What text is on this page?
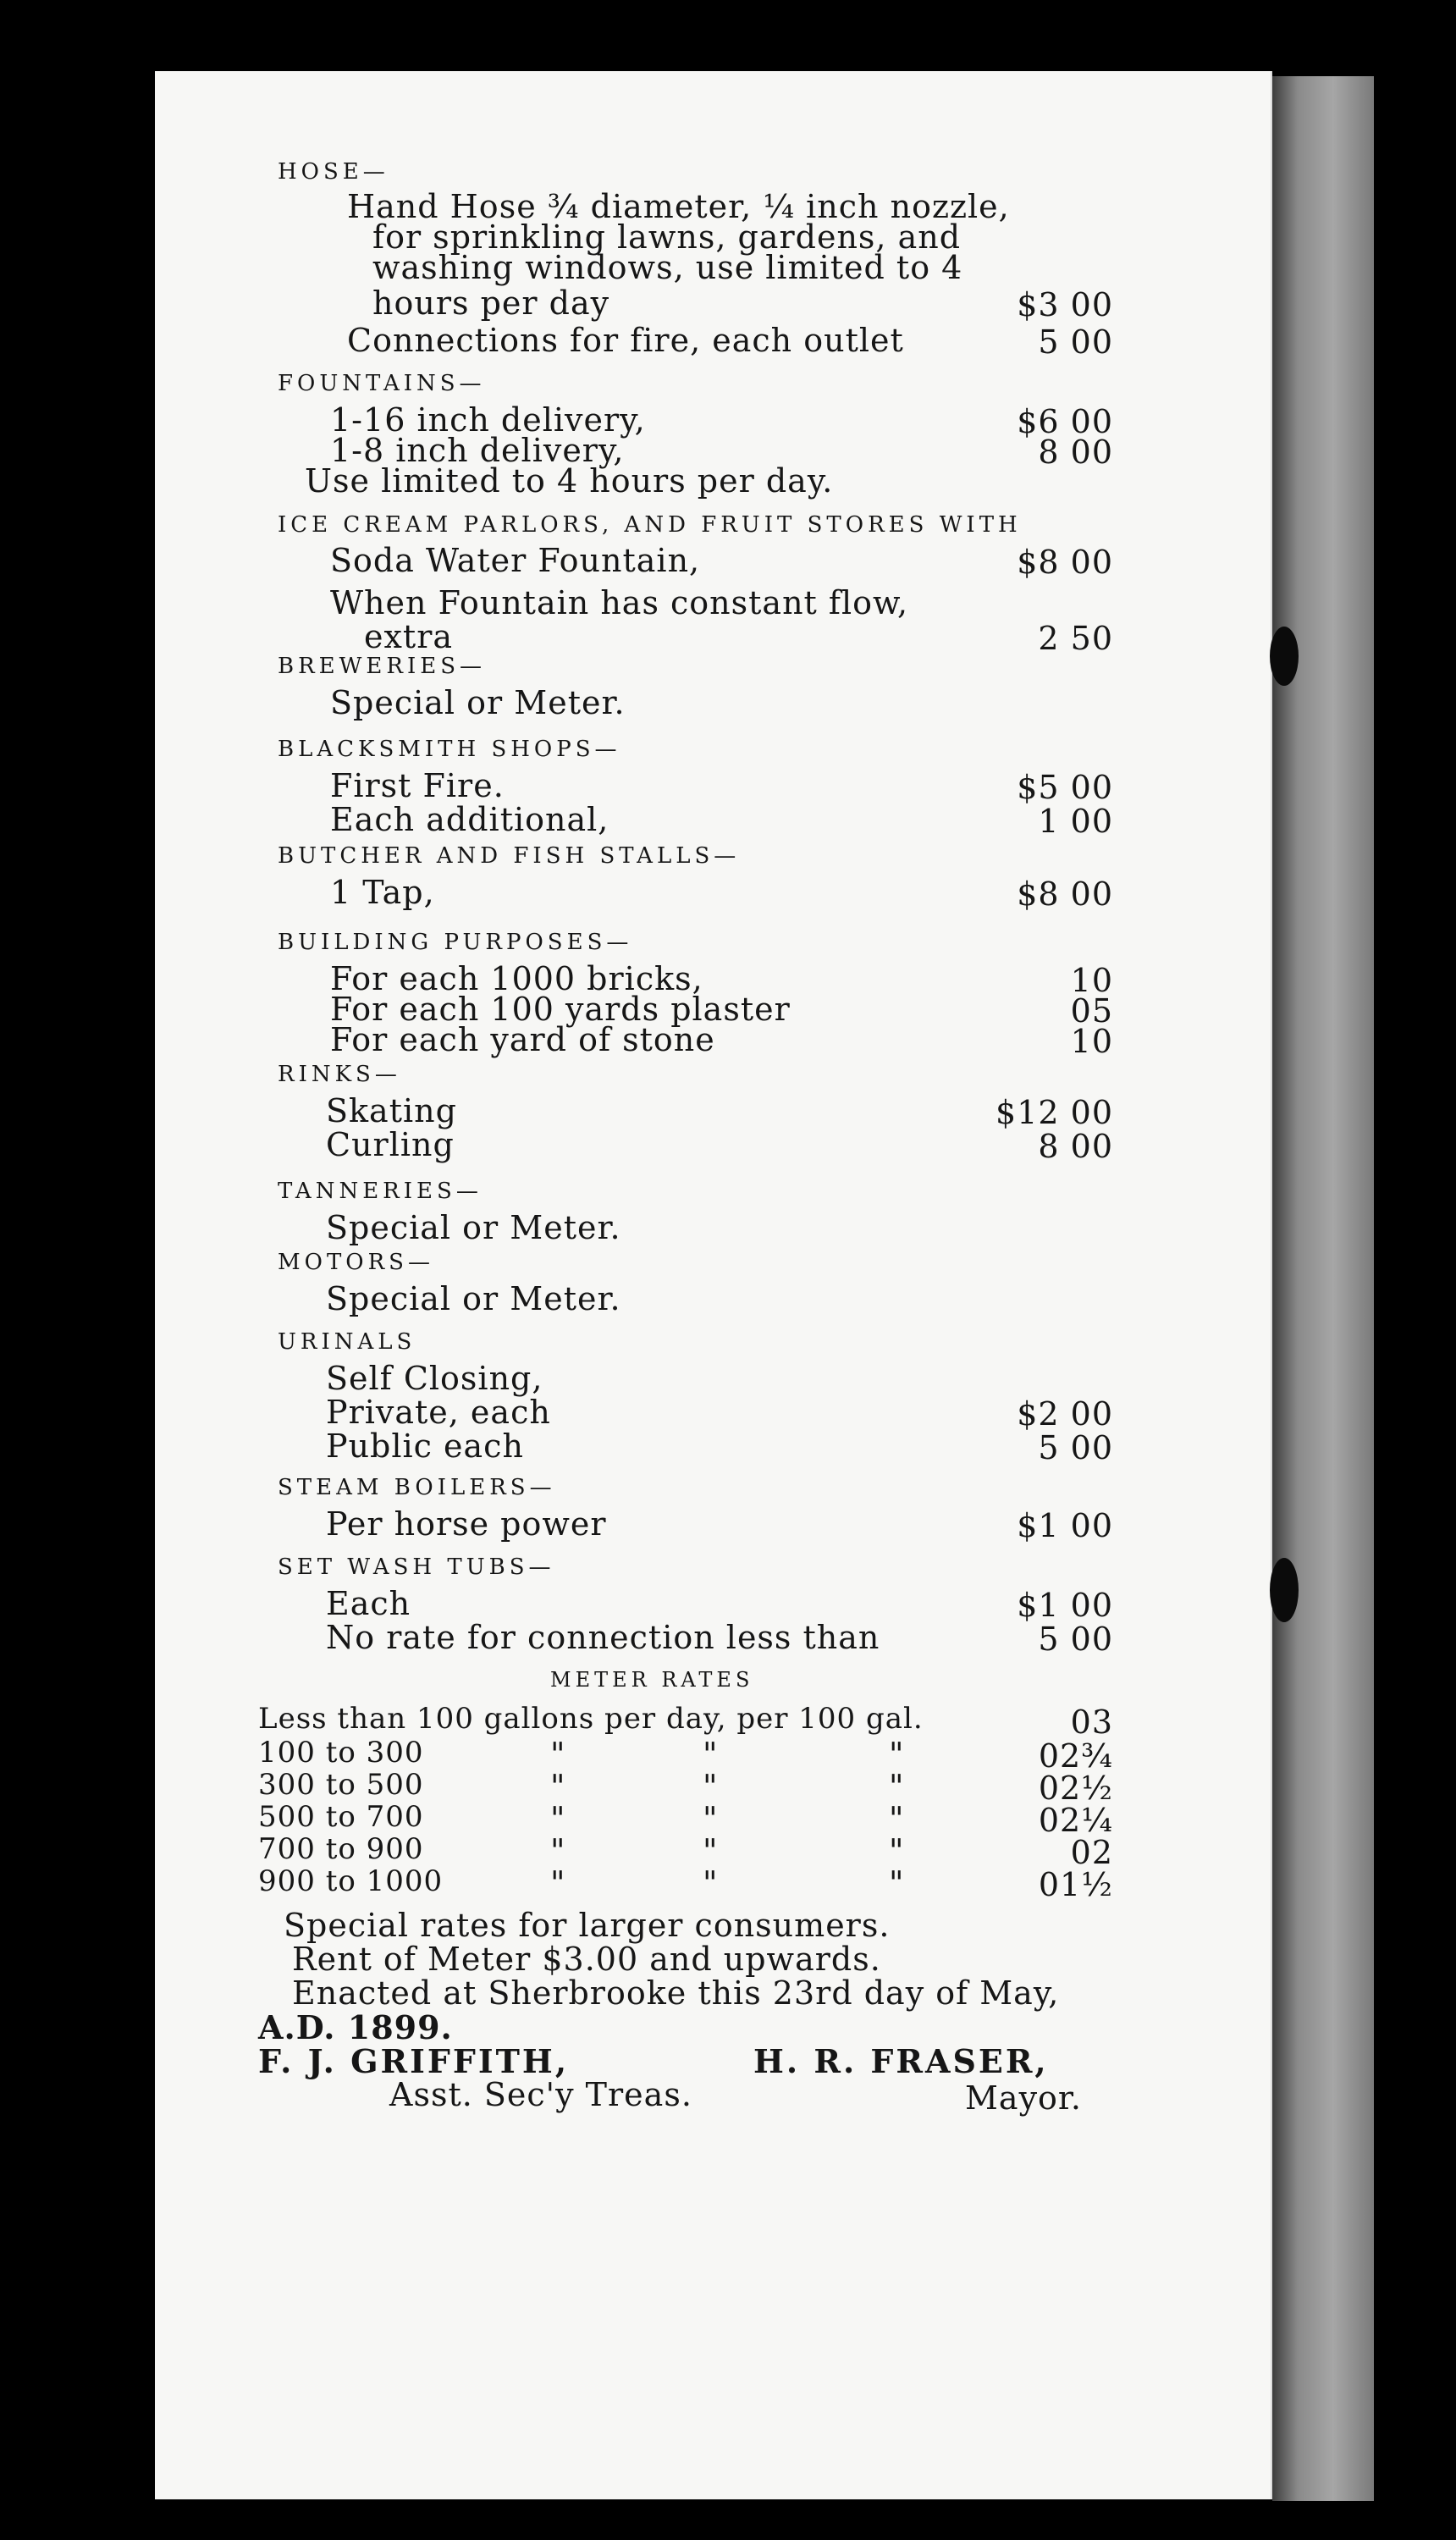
HOSE—
Hand Hose ¾ diameter, ¼ inch nozzle,
for sprinkling lawns, gardens, and
washing windows, use limited to 4
hours per day	$3 00
Connections for fire, each outlet	5 00
FOUNTAINS—
1-16 inch delivery,	$6 00
1-8 inch delivery,	8 00
Use limited to 4 hours per day.
ICE CREAM PARLORS, AND FRUIT STORES WITH
Soda Water Fountain,	$8 00
When Fountain has constant flow,
extra	2 50
BREWERIES—
Special or Meter.
BLACKSMITH SHOPS—
First Fire.	$5 00
Each additional,	1 00
BUTCHER AND FISH STALLS—
1 Tap,	$8 00
BUILDING PURPOSES—
For each 1000 bricks,	10
For each 100 yards plaster	05
For each yard of stone	10
RINKS—
Skating	$12 00
Curling	8 00
TANNERIES—
Special or Meter.
MOTORS—
Special or Meter.
URINALS
Self Closing,
Private, each	$2 00
Public each	5 00
STEAM BOILERS—
Per horse power	$1 00
SET WASH TUBS—
Each	$1 00
No rate for connection less than	5 00
METER RATES
Less than 100 gallons per day, per 100 gal.	03
100 to 300	"	"	"	02¾
300 to 500	"	"	"	02½
500 to 700	"	"	"	02¼
700 to 900	"	"	"	02
900 to 1000	"	"	"	01½
Special rates for larger consumers.
Rent of Meter $3.00 and upwards.
Enacted at Sherbrooke this 23rd day of May,
A.D. 1899.
F. J. GRIFFITH,	H. R. FRASER,
Asst. Sec'y Treas.	Mayor.
